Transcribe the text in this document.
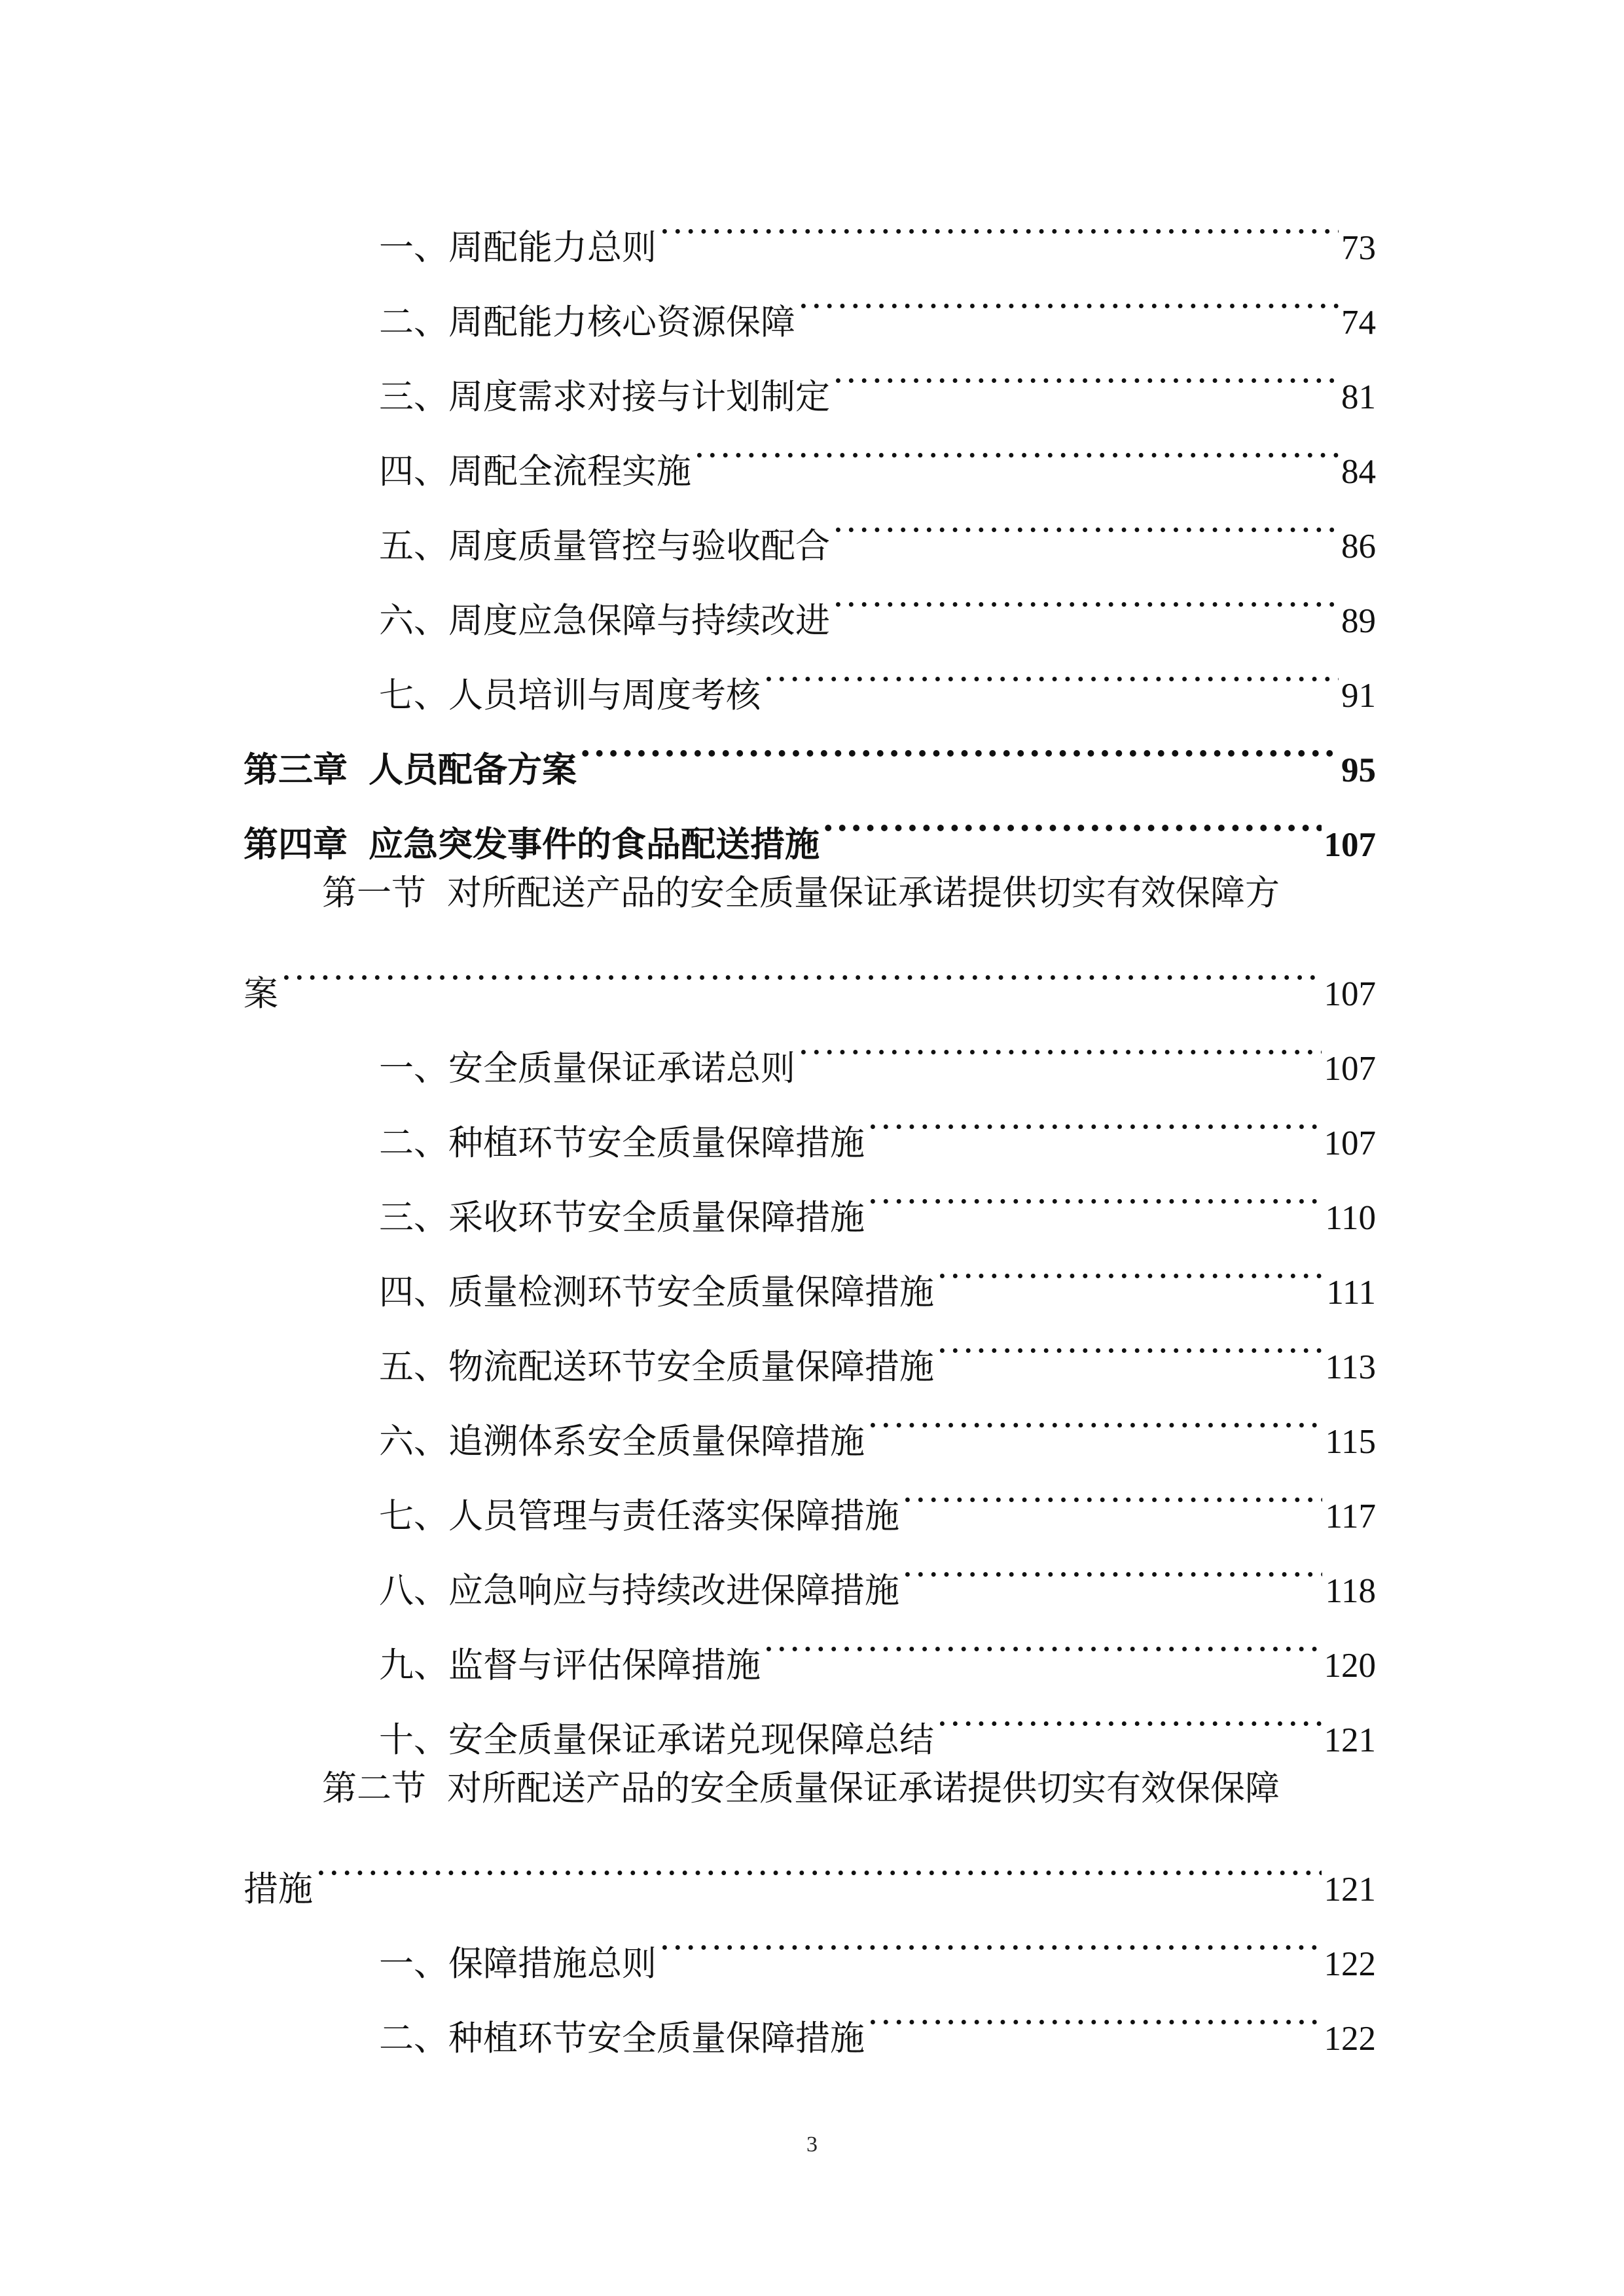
一、周配能力总则 .....	73
二、周配能力核心资源保障 .....	74
三、周度需求对接与计划制定 .....	81
四、周配全流程实施 .....	84
五、周度质量管控与验收配合 .....	86
六、周度应急保障与持续改进 .....	89
七、人员培训与周度考核 .....	91
第三章 人员配备方案 .....	95
第四章 应急突发事件的食品配送措施 .....	107
第一节 对所配送产品的安全质量保证承诺提供切实有效保障方
案 .....	107
一、安全质量保证承诺总则 .....	107
二、种植环节安全质量保障措施 .....	107
三、采收环节安全质量保障措施 .....	110
四、质量检测环节安全质量保障措施 .....	111
五、物流配送环节安全质量保障措施 .....	113
六、追溯体系安全质量保障措施 .....	115
七、人员管理与责任落实保障措施 .....	117
八、应急响应与持续改进保障措施 .....	118
九、监督与评估保障措施 .....	120
十、安全质量保证承诺兑现保障总结 .....	121
第二节 对所配送产品的安全质量保证承诺提供切实有效保保障
措施 .....	121
一、保障措施总则 .....	122
二、种植环节安全质量保障措施 .....	122
3
